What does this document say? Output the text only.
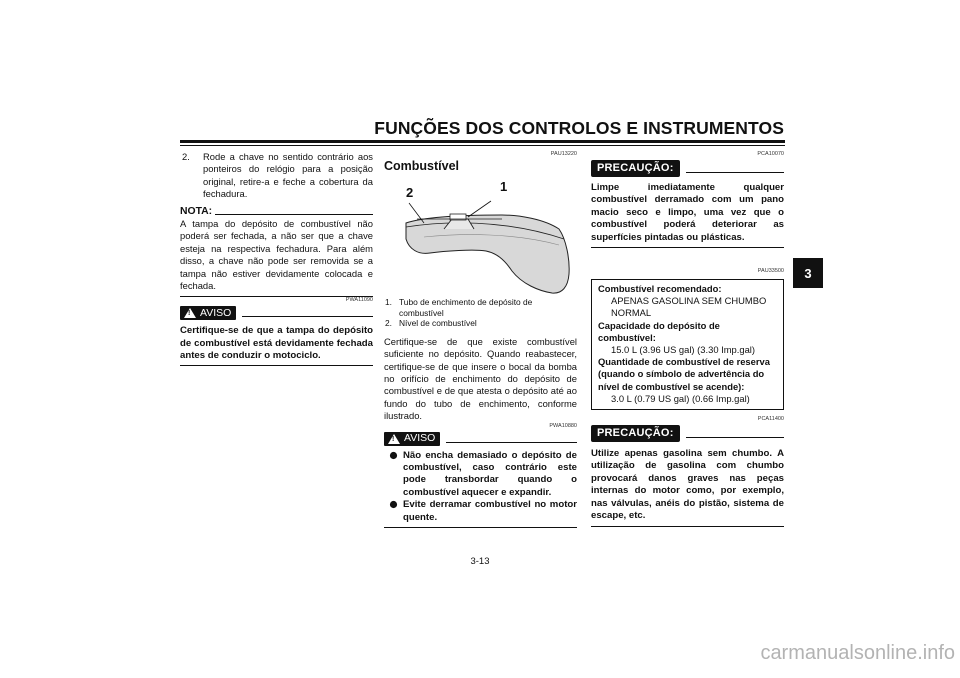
FUNÇÕES DOS CONTROLOS E INSTRUMENTOS
3
2.	Rode a chave no sentido contrário aos ponteiros do relógio para a posição original, retire-a e feche a cobertura da fechadura.
NOTA:
A tampa do depósito de combustível não poderá ser fechada, a não ser que a chave esteja na respectiva fechadura. Para além disso, a chave não pode ser removida se a tampa não estiver devidamente colocada e fechada.
PWA11090
! AVISO
Certifique-se de que a tampa do depósito de combustível está devidamente fechada antes de conduzir o motociclo.
PAU13220
Combustível
2	1
1. Tubo de enchimento de depósito de combustível
2. Nível de combustível
Certifique-se de que existe combustível suficiente no depósito. Quando reabastecer, certifique-se de que insere o bocal da bomba no orifício de enchimento do depósito de combustível e de que atesta o depósito até ao fundo do tubo de enchimento, conforme ilustrado.
PWA10880
! AVISO
Não encha demasiado o depósito de combustível, caso contrário este pode transbordar quando o combustível aquecer e expandir.
Evite derramar combustível no motor quente.
PCA10070
PRECAUÇÃO:
Limpe imediatamente qualquer combustível derramado com um pano macio seco e limpo, uma vez que o combustível poderá deteriorar as superfícies pintadas ou plásticas.
PAU33500
Combustível recomendado:
APENAS GASOLINA SEM CHUMBO NORMAL
Capacidade do depósito de combustível:
15.0 L (3.96 US gal) (3.30 Imp.gal)
Quantidade de combustível de reserva (quando o símbolo de advertência do nível de combustível se acende):
3.0 L (0.79 US gal) (0.66 Imp.gal)
PCA11400
PRECAUÇÃO:
Utilize apenas gasolina sem chumbo. A utilização de gasolina com chumbo provocará danos graves nas peças internas do motor como, por exemplo, nas válvulas, anéis do pistão, sistema de escape, etc.
3-13
carmanualsonline.info
